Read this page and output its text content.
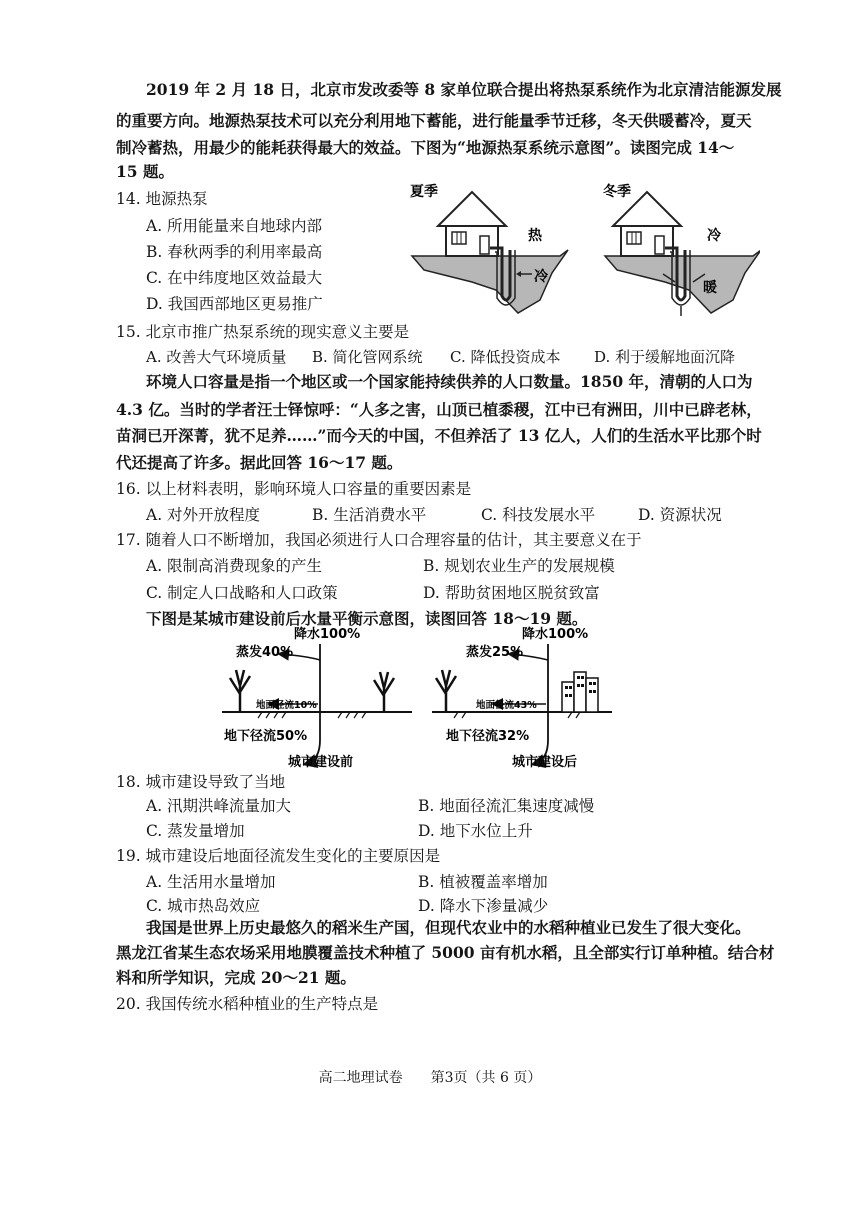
2019 年 2 月 18 日，北京市发改委等 8 家单位联合提出将热泵系统作为北京清洁能源发展
的重要方向。地源热泵技术可以充分利用地下蓄能，进行能量季节迁移，冬天供暖蓄冷，夏天
制冷蓄热，用最少的能耗获得最大的效益。下图为“地源热泵系统示意图”。读图完成 14～
15 题。
14. 地源热泵
A. 所用能量来自地球内部
B. 春秋两季的利用率最高
C. 在中纬度地区效益最大
D. 我国西部地区更易推广
夏季
热
冷
冬季
冷
暖
15. 北京市推广热泵系统的现实意义主要是
A. 改善大气环境质量 B. 简化管网系统 C. 降低投资成本 D. 利于缓解地面沉降
环境人口容量是指一个地区或一个国家能持续供养的人口数量。1850 年，清朝的人口为
4.3 亿。当时的学者汪士铎惊呼：“人多之害，山顶已植黍稷，江中已有洲田，川中已辟老林，
苗洞已开深菁，犹不足养……”而今天的中国，不但养活了 13 亿人，人们的生活水平比那个时
代还提高了许多。据此回答 16～17 题。
16. 以上材料表明，影响环境人口容量的重要因素是
A. 对外开放程度	B. 生活消费水平	C. 科技发展水平	D. 资源状况
17. 随着人口不断增加，我国必须进行人口合理容量的估计，其主要意义在于
A. 限制高消费现象的产生	B. 规划农业生产的发展规模
C. 制定人口战略和人口政策	D. 帮助贫困地区脱贫致富
下图是某城市建设前后水量平衡示意图，读图回答 18～19 题。
降水100%
蒸发40%
地面径流10%
地下径流50%
城市建设前
降水100%
蒸发25%
地面径流43%
地下径流32%
城市建设后
18. 城市建设导致了当地
A. 汛期洪峰流量加大	B. 地面径流汇集速度减慢
C. 蒸发量增加	D. 地下水位上升
19. 城市建设后地面径流发生变化的主要原因是
A. 生活用水量增加	B. 植被覆盖率增加
C. 城市热岛效应	D. 降水下渗量减少
我国是世界上历史最悠久的稻米生产国，但现代农业中的水稻种植业已发生了很大变化。
黑龙江省某生态农场采用地膜覆盖技术种植了 5000 亩有机水稻，且全部实行订单种植。结合材
料和所学知识，完成 20～21 题。
20. 我国传统水稻种植业的生产特点是
高二地理试卷　　第3页（共 6 页）
